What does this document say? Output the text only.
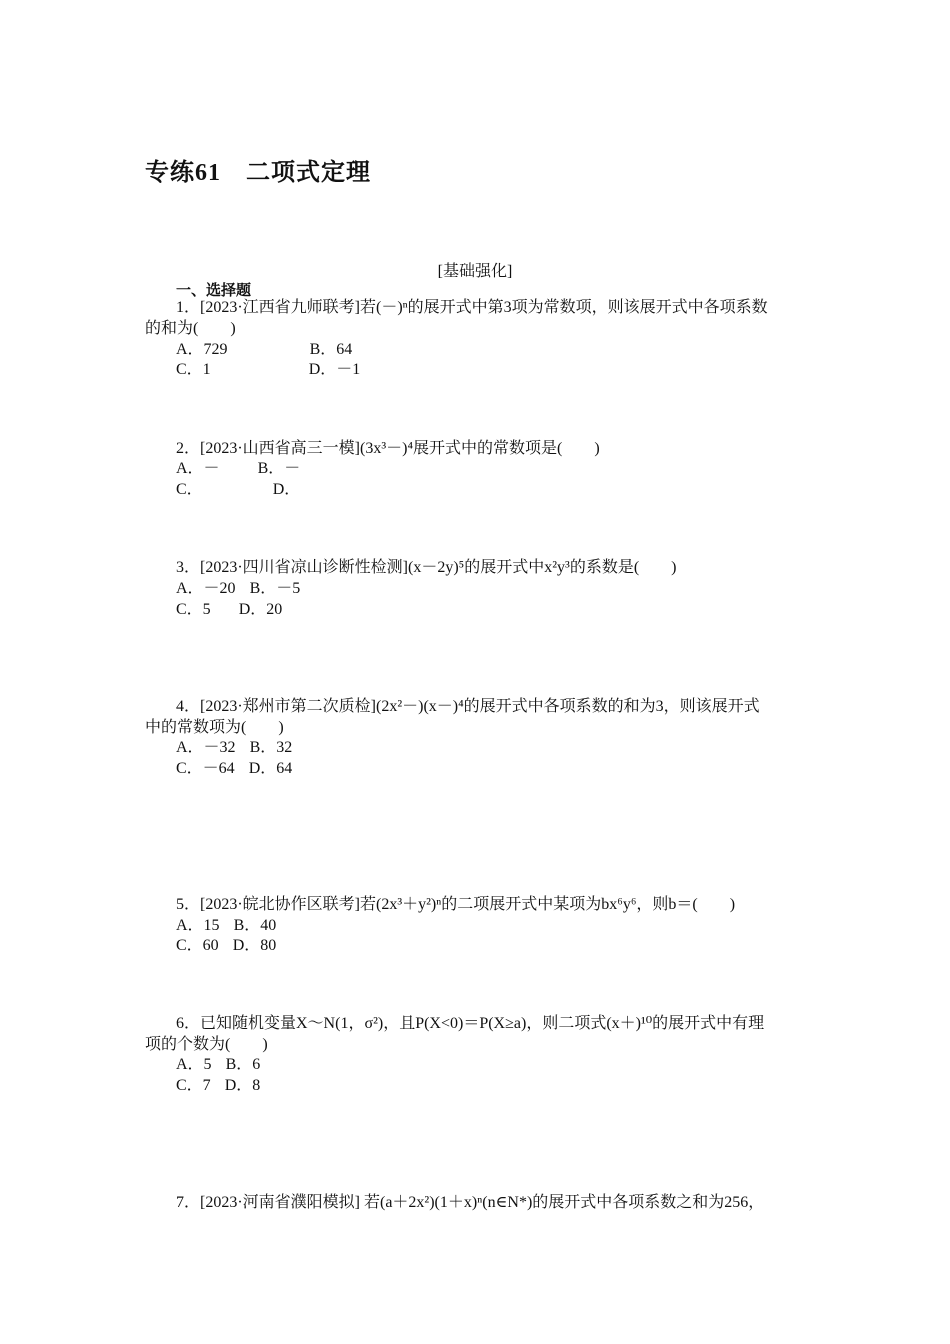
专练61　二项式定理
[基础强化]
一、选择题
1．[2023·江西省九师联考]若(－)ⁿ的展开式中第3项为常数项，则该展开式中各项系数
的和为(　　)
A．729	B．64
C．1	D．－1
2．[2023·山西省高三一模](3x³－)⁴展开式中的常数项是(　　)
A．－ B．－
C．	D．
3．[2023·四川省凉山诊断性检测](x－2y)⁵的展开式中x²y³的系数是(　　)
A．－20 B．－5
C．5 D．20
4．[2023·郑州市第二次质检](2x²－)(x－)⁴的展开式中各项系数的和为3，则该展开式
中的常数项为(　　)
A．－32 B．32
C．－64 D．64
5．[2023·皖北协作区联考]若(2x³＋y²)ⁿ的二项展开式中某项为bx⁶y⁶，则b＝(　　)
A．15 B．40
C．60 D．80
6．已知随机变量X～N(1，σ²)，且P(X<0)＝P(X≥a)，则二项式(x＋)¹⁰的展开式中有理
项的个数为(　　)
A．5 B．6
C．7 D．8
7．[2023·河南省濮阳模拟] 若(a＋2x²)(1＋x)ⁿ(n∈N*)的展开式中各项系数之和为256，
